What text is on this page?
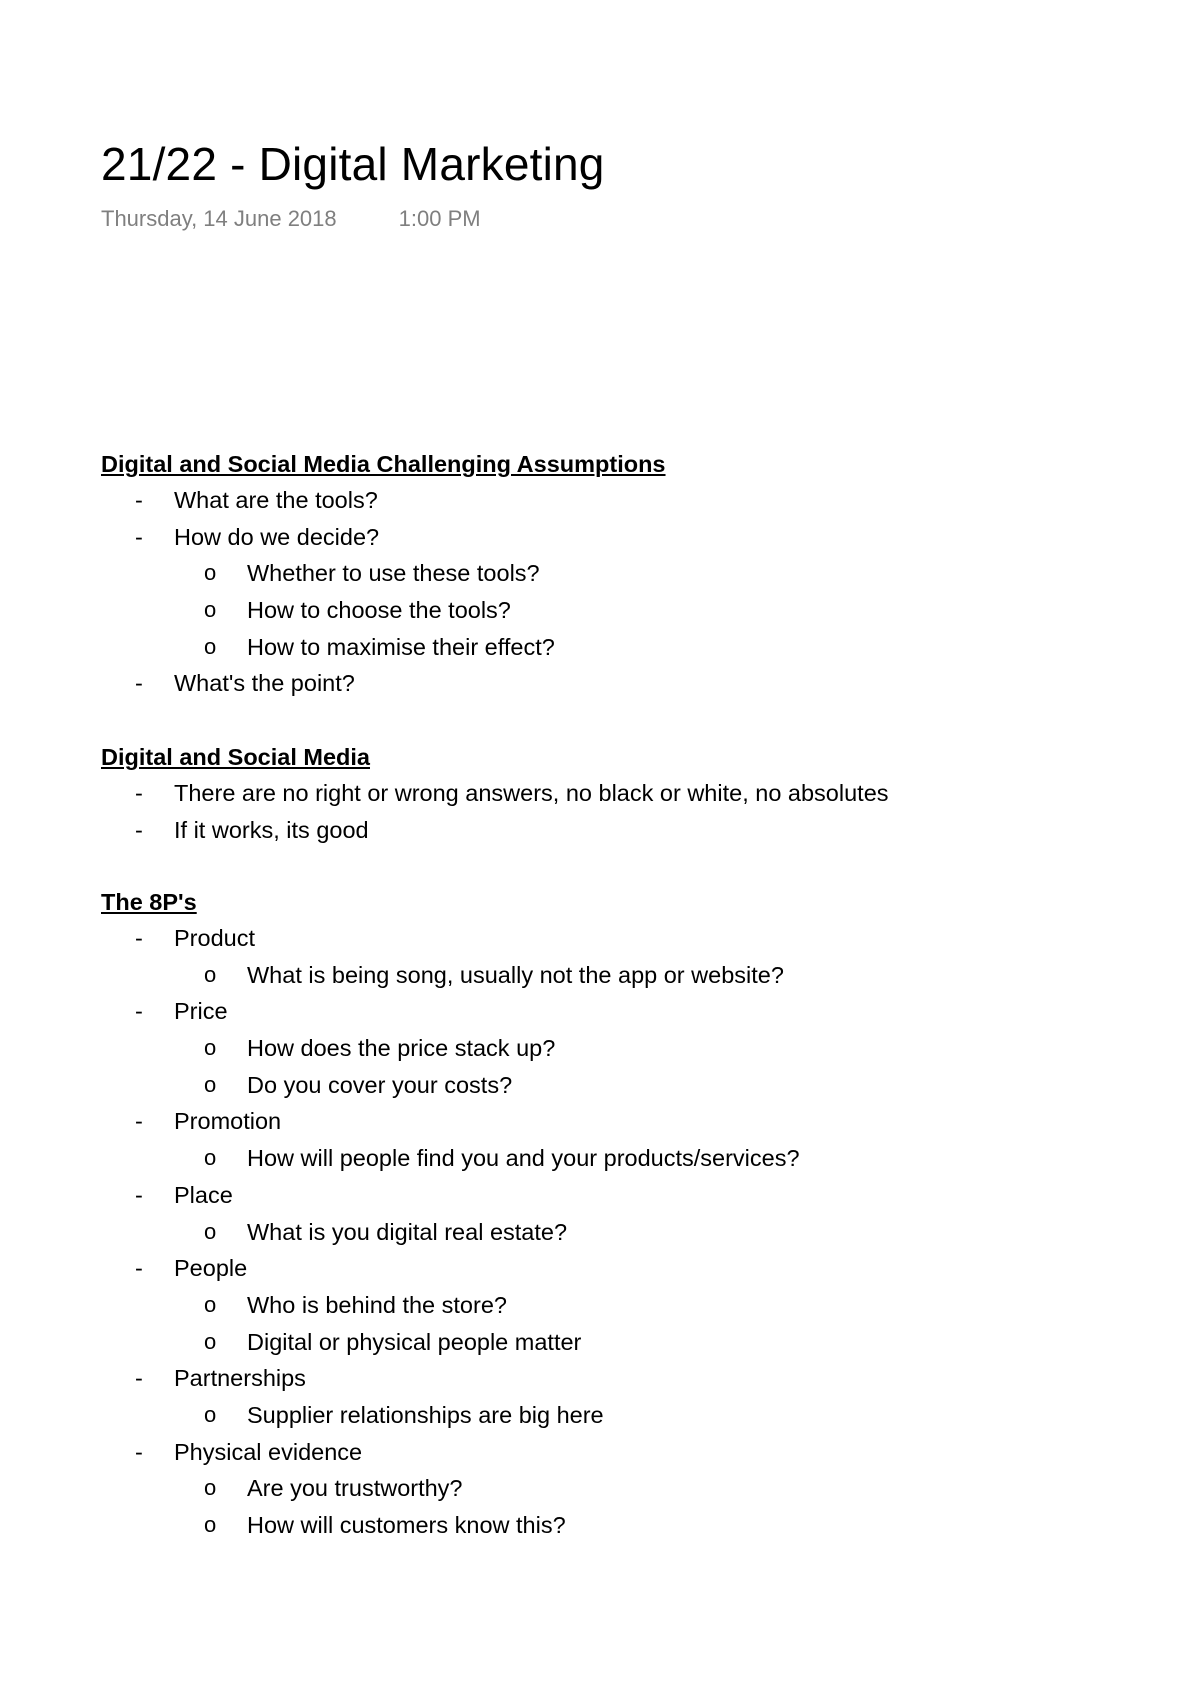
21/22 - Digital Marketing
Thursday, 14 June 2018	1:00 PM
Digital and Social Media Challenging Assumptions
- What are the tools?
- How do we decide?
o Whether to use these tools?
o How to choose the tools?
o How to maximise their effect?
- What's the point?
Digital and Social Media
- There are no right or wrong answers, no black or white, no absolutes
- If it works, its good
The 8P's
- Product
o What is being song, usually not the app or website?
- Price
o How does the price stack up?
o Do you cover your costs?
- Promotion
o How will people find you and your products/services?
- Place
o What is you digital real estate?
- People
o Who is behind the store?
o Digital or physical people matter
- Partnerships
o Supplier relationships are big here
- Physical evidence
o Are you trustworthy?
o How will customers know this?
